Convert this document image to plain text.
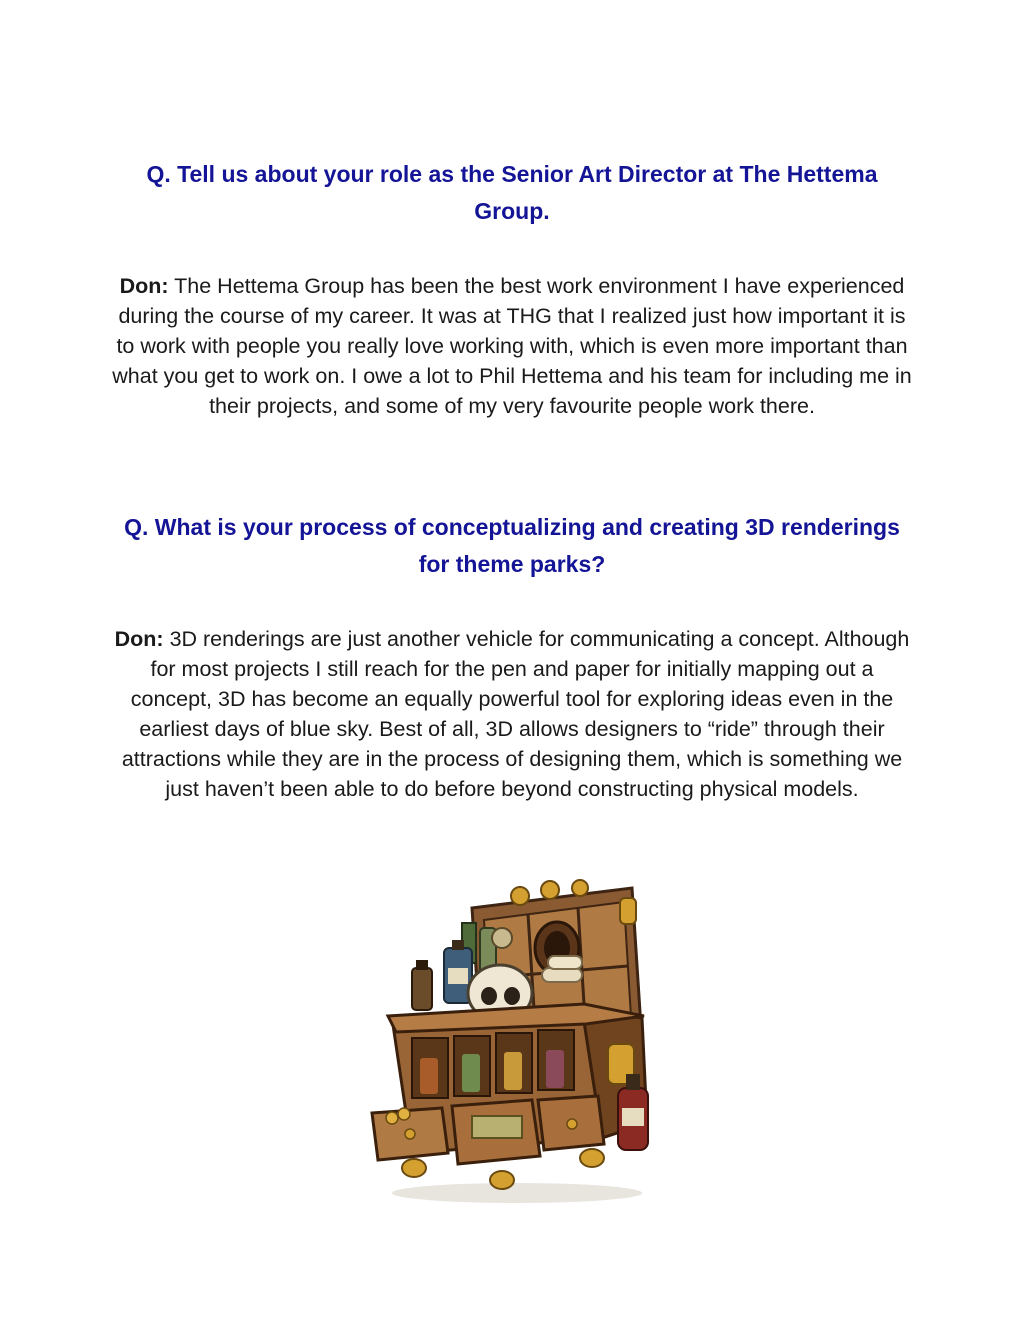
Q. Tell us about your role as the Senior Art Director at The Hettema Group.

Don: The Hettema Group has been the best work environment I have experienced during the course of my career. It was at THG that I realized just how important it is to work with people you really love working with, which is even more important than what you get to work on. I owe a lot to Phil Hettema and his team for including me in their projects, and some of my very favourite people work there.

Q. What is your process of conceptualizing and creating 3D renderings for theme parks?

Don: 3D renderings are just another vehicle for communicating a concept. Although for most projects I still reach for the pen and paper for initially mapping out a concept, 3D has become an equally powerful tool for exploring ideas even in the earliest days of blue sky. Best of all, 3D allows designers to “ride” through their attractions while they are in the process of designing them, which is something we just haven’t been able to do before beyond constructing physical models.
